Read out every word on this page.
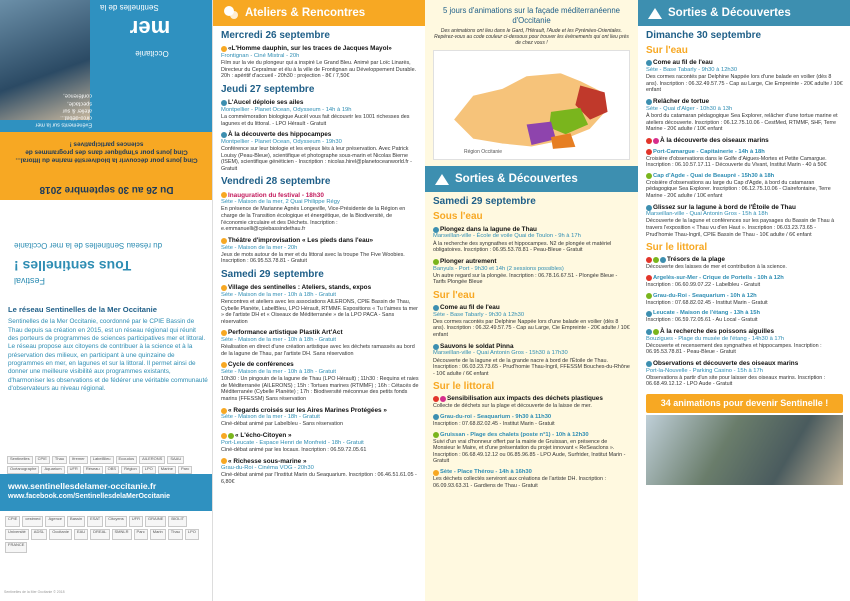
Sentinelles de la
mer
Occitanie
Événements sur la mer
circo-débat...
atelier & sur
spectacle,
conférence,
Du 26 au 30 septembre 2018
Cinq jours pour découvrir la biodiversité marine du littoral... Cinq jours pour s'impliquer dans des programmes de sciences participatives !
Festival
Tous sentinelles !
du réseau Sentinelles de la mer Occitanie
Le réseau Sentinelles de la Mer Occitanie
Sentinelles de la Mer Occitanie, coordonné par le CPIE Bassin de Thau depuis sa création en 2015, est un réseau régional qui réunit des porteurs de programmes de sciences participatives mer et littoral. Le réseau propose aux citoyens de contribuer à la science et à la préservation des milieux, en participant à une quinzaine de programmes en mer, en lagunes et sur la littoral. Il permet ainsi de donner une meilleure visibilité aux programmes existants, d'harmoniser les observations et de fédérer une véritable communauté d'observateurs au niveau régional.
Sentinelles CPIE Thau Ifremer LabelBleu Ecoudos AILERONS SAAUOcéanographe Aquarium UFR Réseau OBS Région LPO Marine Parc
www.sentinellesdelamer-occitanie.fr
www.facebook.com/SentinellesdelaMerOccitanie
CPIE cestmed Agence Bassin ESAT Citoyens UFR GRAINE BIOLITUniversité ADSL Occitanie EAU DREAL SMNLR Parc Marin Thau LPOFRANCE
Sentinelles de la Mer Occitanie © 2018
Ateliers & Rencontres
Mercredi 26 septembre
«L'Homme dauphin, sur les traces de Jacques Mayol»
Frontignan - Ciné Mistral - 20h
Film sur la vie du plongeur qui a inspiré Le Grand Bleu. Animé par Loïc Linarès, Directeur du Cepralmar et élu à la ville de Frontignan au Développement Durable. 20h : apéritif d'accueil - 20h30 : projection - 8€ / 7,50€
Jeudi 27 septembre
L'Aucel déploie ses ailes
Montpellier - Planet Ocean, Odysseum - 14h à 19h
La commémoration biologique Aucèl vous fait découvrir les 1001 richesses des lagunes et du littoral. - LPO Hérault - Gratuit
À la découverte des hippocampes
Montpellier - Planet Ocean, Odysseum - 19h30
Conférence sur leur biologie et les enjeux liés à leur préservation. Avec Patrick Louisy (Peau-Bleue), scientifique et photographe sous-marin et Nicolas Bierne (ISEM), scientifique généticien - Inscription : nicolas.hirel@planetoceanworld.fr - Gratuit
Vendredi 28 septembre
Inauguration du festival - 18h30
Sète - Maison de la mer, 2 Quai Philippe Régy
En présence de Marianne Agnès Longeville, Vice-Présidente de la Région en charge de la Transition écologique et énergétique, de la Biodiversité, de l'économie circulaire et des Déchets. Inscription : e.emmanuelli@cpiebassindethau.fr
Théâtre d'improvisation « Les pieds dans l'eau»
Sète - Maison de la mer - 20h
Jeux de mots autour de la mer et du littoral avec la troupe The Five Woobies. Inscription : 06.95.53.78.81 - Gratuit
Samedi 29 septembre
Village des sentinelles : Ateliers, stands, expos
Sète - Maison de la mer - 10h à 18h - Gratuit
Rencontres et ateliers avec les associations AILERONS, CPIE Bassin de Thau, Cybelle Planète, LabelBleu, LPO Hérault, RTMMF. Expositions « Tu t'aimes ta mer » de l'artiste DH et « Oiseaux de Méditerranée » de la LPO PACA - Sans réservation
Performance artistique Plastik Art'Act
Sète - Maison de la mer - 10h à 18h - Gratuit
Réalisation en direct d'une création artistique avec les déchets ramassés au bord de la lagune de Thau, par l'artiste DH. Sans réservation
Cycle de conférences
Sète - Maison de la mer - 10h à 18h - Gratuit
10h30 : Un pingouin de la lagune de Thau (LPO Hérault) ; 11h30 : Requins et raies de Méditerranée (AILERONS) ; 15h : Tortues marines (RTMMF) ; 16h : Cétacés de Méditerranée (Cybelle Planète) ; 17h : Biodiversité méconnue des petits fonds marins (FFESSM) Sans réservation
« Regards croisés sur les Aires Marines Protégées »
Sète - Maison de la mer - 18h - Gratuit
Ciné-débat animé par Labelbleu - Sans réservation
« L'écho-Citoyen »
Port-Leucate - Espace Henri de Monfreid - 18h - Gratuit
Ciné-débat animé par les locaux. Inscription : 06.59.72.05.61
« Richesse sous-marine »
Grau-du-Roi - Cinéma VOG - 20h30
Ciné-débat animé par l'Institut Marin du Seaquarium. Inscription : 06.46.51.61.05 - 6,80€
5 jours d'animations sur la façade méditerranéenne d'Occitanie
Des animations ont lieu dans le Gard, l'Hérault, l'Aude et les Pyrénées-Orientales. Repérez-vous au code couleur ci-dessous pour trouver les évènements qui ont lieu près de chez vous !
Région Occitanie
Sorties & Découvertes
Samedi 29 septembre
Sous l'eau
Plongez dans la lagune de Thau
Marseillan-ville - École de voile Quai de Toulon - 9h à 17h
À la recherche des syngnathes et hippocampes. N2 de plongée et matériel obligatoires. Inscription : 06.95.53.78.81 - Peau-Bleue - Gratuit
Plonger autrement
Banyuls - Port - 9h30 et 14h (2 sessions possibles)
Un autre regard sur la plongée. Inscription : 06.78.16.67.51 - Plongée Bleue - Tarifs Plongée Bleue
Sur l'eau
Come au fil de l'eau
Sète - Base Tabarly - 9h30 à 12h30
Des cormes racontés par Delphine Nappée lors d'une balade en voilier (dès 8 ans). Inscription : 06.32.49.57.75 - Cap au Large, Cie Empreinte - 20€ adulte / 10€ enfant
Sauvons le soldat Pinna
Marseillan-ville - Quai Antonin Gros - 15h30 à 17h30
Découverte de la lagune et de la grande nacre à bord de l'Étoile de Thau. Inscription : 06.03.23.73.65 - Prud'homie Thau-Ingril, FFESSM Bouches-du-Rhône - 10€ adulte / 6€ enfant
Sur le littoral
Sensibilisation aux impacts des déchets plastiques
Collecte de déchets sur la plage et découverte de la laisse de mer.
Grau-du-roi - Seaquarium - 9h30 à 11h30
Inscription : 07.68.82.02.45 - Institut Marin - Gratuit
Gruissan - Plage des chalets (poste n°1) - 10h à 12h30
Suivi d'un vrai d'honneur offert par la mairie de Gruissan, en présence de Monsieur le Maire, et d'une présentation du projet innovant « ReSeaclons ». Inscription : 06.68.49.12.12 ou 06.85.96.85 - LPO Aude, Surfrider, Institut Marin - Gratuit
Sète - Place Thérou - 14h à 16h30
Les déchets collectés serviront aux créations de l'artiste DH. Inscription : 06.09.93.63.31 - Gardiens de Thau - Gratuit
Sorties & Découvertes
Dimanche 30 septembre
Sur l'eau
Come au fil de l'eau
Sète - Base Tabarly - 9h30 à 12h30
Des cormes racontés par Delphine Nappée lors d'une balade en voilier (dès 8 ans). Inscription : 06.32.49.57.75 - Cap au Large, Cie Empreinte - 20€ adulte / 10€ enfant
Relâcher de tortue
Sète - Quai d'Alger - 10h30 à 13h
À bord du catamaran pédagogique Sea Explorer, relâcher d'une tortue marine et ateliers découverte. Inscription : 06.12.75.10.06 - CestMed, RTMMF, SHF, Terre Marine - 20€ adulte / 10€ enfant
À la découverte des oiseaux marins
Port-Camargue - Capitainerie - 14h à 18h
Croisière d'observations dans le Golfe d'Aigues-Mortes et Petite Camargue. Inscription : 06.10.57.17.11 - Découverte du Vivant, Institut Marin - 40 à 50€
Cap d'Agde - Quai de Beaupré - 15h30 à 18h
Croisière d'observations au large du Cap d'Agde, à bord du catamaran pédagogique Sea Explorer. Inscription : 06.12.75.10.06 - Clairefontaine, Terre Marine - 20€ adulte / 10€ enfant
Glissez sur la lagune à bord de l'Étoile de Thau
Marseillan-ville - Quai Antonin Gros - 15h à 18h
Découverte de la lagune et conférences sur les paysages du Bassin de Thau à travers l'exposition « Thau vu d'en Haut ». Inscription : 06.03.23.73.65 - Prud'homie Thau-Ingril, CPIE Bassin de Thau - 10€ adulte / 6€ enfant
Sur le littoral
Trésors de la plage
Découverte des laisses de mer et contribution à la science.
Argelès-sur-Mer - Crique de Porteils - 10h à 12h
Inscription : 06.60.99.07.22 - Labelbleu - Gratuit
Grau-du-Roi - Seaquarium - 10h à 12h
Inscription : 07.68.82.02.45 - Institut Marin - Gratuit
Leucate - Maison de l'étang - 13h à 15h
Inscription : 06.59.72.05.61 - Au Local - Gratuit
À la recherche des poissons aiguilles
Bouzigues - Plage du musée de l'étang - 14h30 à 17h
Découverte et recensement des syngnathes et hippocampes. Inscription : 06.95.53.78.81 - Peau-Bleue - Gratuit
Observations et découverte des oiseaux marins
Port-la-Nouvelle - Parking Casino - 15h à 17h
Observations à partir d'un site pour laisser des oiseaux marins. Inscription : 06.68.49.12.12 - LPO Aude - Gratuit
34 animations pour devenir Sentinelle !
